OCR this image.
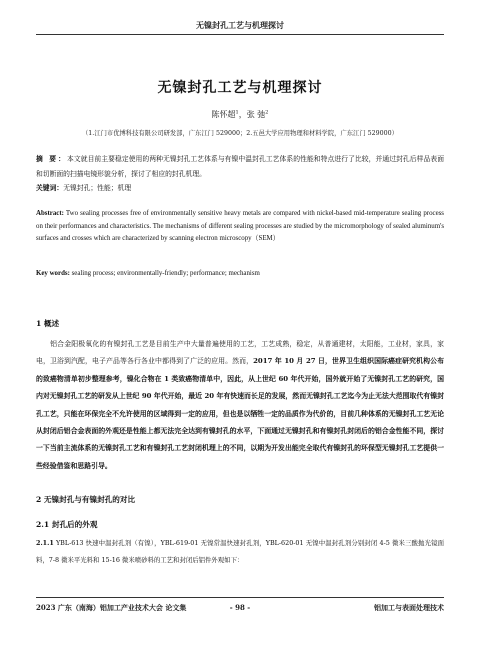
无镍封孔工艺与机理探讨
无镍封孔工艺与机理探讨
陈怀超$^1$，张 弛$^2$
（1.江门市优博科技有限公司研发部，广东江门 529000；2.五邑大学应用物理和材料学院，广东江门 529000）
摘 要：本文就目前主要稳定使用的两种无镍封孔工艺体系与有镍中温封孔工艺体系的性能和特点进行了比较，并通过封孔后样品表面和切断面的扫描电镜形貌分析，探讨了相应的封孔机理。
关键词：无镍封孔；性能；机理
Abstract: Two sealing processes free of environmentally sensitive heavy metals are compared with nickel-based mid-temperature sealing process on their performances and characteristics. The mechanisms of different sealing processes are studied by the micromorphology of sealed aluminum's surfaces and crosses which are characterized by scanning electron microscopy（SEM）
Key words: sealing process; environmentally-friendly; performance; mechanism
1 概述
铝合金阳极氧化的有镍封孔工艺是目前生产中大量普遍使用的工艺，工艺成熟，稳定，从普通建材，太阳能，工业材，家具，家电，卫浴到汽配，电子产品等各行各业中都得到了广泛的应用。然而，2017 年 10 月 27 日，世界卫生组织国际癌症研究机构公布的致癌物清单初步整理参考，镍化合物在 1 类致癌物清单中，因此，从上世纪 60 年代开始，国外就开始了无镍封孔工艺的研究，国内对无镍封孔工艺的研发从上世纪 90 年代开始，最近 20 年有快速而长足的发展，然而无镍封孔工艺迄今为止无法大范围取代有镍封孔工艺，只能在环保完全不允许使用的区域得到一定的应用，但也是以牺牲一定的品质作为代价的，目前几种体系的无镍封孔工艺无论从封闭后铝合金表面的外观还是性能上都无法完全达到有镍封孔的水平，下面通过无镍封孔和有镍封孔封闭后的铝合金性能不同，探讨一下当前主流体系的无镍封孔工艺和有镍封孔工艺封闭机理上的不同，以期为开发出能完全取代有镍封孔的环保型无镍封孔工艺提供一些经验借鉴和思路引导。
2 无镍封孔与有镍封孔的对比
2.1 封孔后的外观
2.1.1 YBL-613 快速中温封孔剂（有镍），YBL-619-01 无镍常温快速封孔剂，YBL-620-01 无镍中温封孔剂分别封闭 4-5 微米三酸抛光镜面料，7-8 微米平光料和 15-16 微米喷砂料的工艺和封闭后铝件外观如下：
2023 广东（南海）铝加工产业技术大会 论文集	- 98 -	铝加工与表面处理技术
